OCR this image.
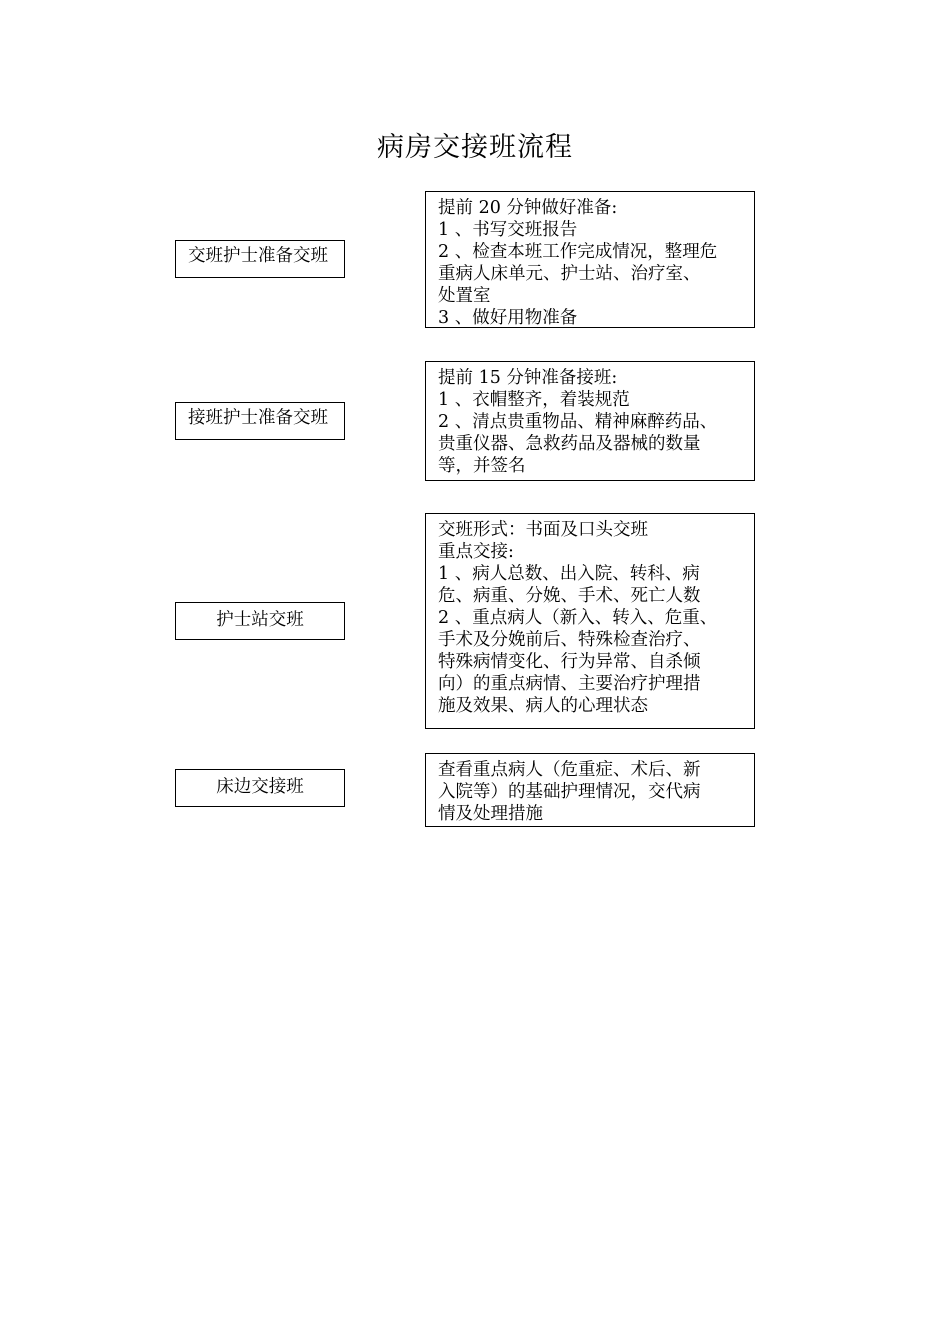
病房交接班流程
交班护士准备交班
提前 20 分钟做好准备:
1 、书写交班报告
2 、检查本班工作完成情况，整理危
重病人床单元、护士站、治疗室、
处置室
3 、做好用物准备
接班护士准备交班
提前 15 分钟准备接班:
1 、衣帽整齐，着装规范
2 、清点贵重物品、精神麻醉药品、
贵重仪器、急救药品及器械的数量
等，并签名
护士站交班
交班形式：书面及口头交班
重点交接:
1 、病人总数、出入院、转科、病
危、病重、分娩、手术、死亡人数
2 、重点病人（新入、转入、危重、
手术及分娩前后、特殊检查治疗、
特殊病情变化、行为异常、自杀倾
向）的重点病情、主要治疗护理措
施及效果、病人的心理状态
床边交接班
查看重点病人（危重症、术后、新
入院等）的基础护理情况，交代病
情及处理措施
